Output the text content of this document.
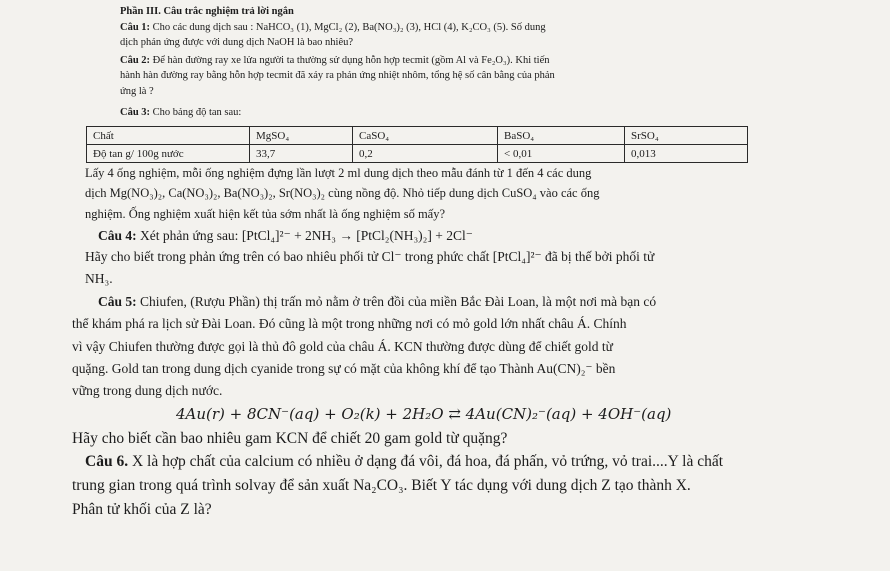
Phần III. Câu trắc nghiệm trả lời ngắn
Câu 1: Cho các dung dịch sau : NaHCO₃ (1), MgCl₂ (2), Ba(NO₃)₂ (3), HCl (4), K₂CO₃ (5). Số dung
dịch phản ứng được với dung dịch NaOH là bao nhiêu?
Câu 2: Để hàn đường ray xe lửa người ta thường sử dụng hỗn hợp tecmit (gồm Al và Fe₂O₃). Khi tiến
hành hàn đường ray bằng hỗn hợp tecmit đã xảy ra phản ứng nhiệt nhôm, tổng hệ số cân bằng của phản
ứng là ?
Câu 3: Cho bảng độ tan sau:
Chất	MgSO₄	CaSO₄	BaSO₄	SrSO₄
Độ tan g/ 100g nước	33,7	0,2	< 0,01	0,013
Lấy 4 ống nghiệm, mỗi ống nghiệm đựng lần lượt 2 ml dung dịch theo mẫu đánh từ 1 đến 4 các dung
dịch Mg(NO₃)₂, Ca(NO₃)₂, Ba(NO₃)₂, Sr(NO₃)₂ cùng nồng độ. Nhỏ tiếp dung dịch CuSO₄ vào các ống
nghiệm. Ống nghiệm xuất hiện kết tủa sớm nhất là ống nghiệm số mấy?
Câu 4: Xét phản ứng sau: [PtCl₄]²⁻ + 2NH₃ → [PtCl₂(NH₃)₂] + 2Cl⁻
Hãy cho biết trong phản ứng trên có bao nhiêu phối tử Cl⁻ trong phức chất [PtCl₄]²⁻ đã bị thế bởi phối tử
NH₃.
Câu 5: Chiufen, (Rượu Phần) thị trấn mỏ nằm ở trên đồi của miền Bắc Đài Loan, là một nơi mà bạn có
thể khám phá ra lịch sử Đài Loan. Đó cũng là một trong những nơi có mỏ gold lớn nhất châu Á. Chính
vì vậy Chiufen thường được gọi là thủ đô gold của châu Á. KCN thường được dùng để chiết gold từ
quặng. Gold tan trong dung dịch cyanide trong sự có mặt của không khí để tạo Thành Au(CN)₂⁻ bền
vững trong dung dịch nước.
4Au(r) + 8CN⁻(aq) + O₂(k) + 2H₂O ⇄ 4Au(CN)₂⁻(aq) + 4OH⁻(aq)
Hãy cho biết cần bao nhiêu gam KCN để chiết 20 gam gold từ quặng?
Câu 6. X là hợp chất của calcium có nhiều ở dạng đá vôi, đá hoa, đá phấn, vỏ trứng, vỏ trai....Y là chất
trung gian trong quá trình solvay để sản xuất Na₂CO₃. Biết Y tác dụng với dung dịch Z tạo thành X.
Phân tử khối của Z là?
